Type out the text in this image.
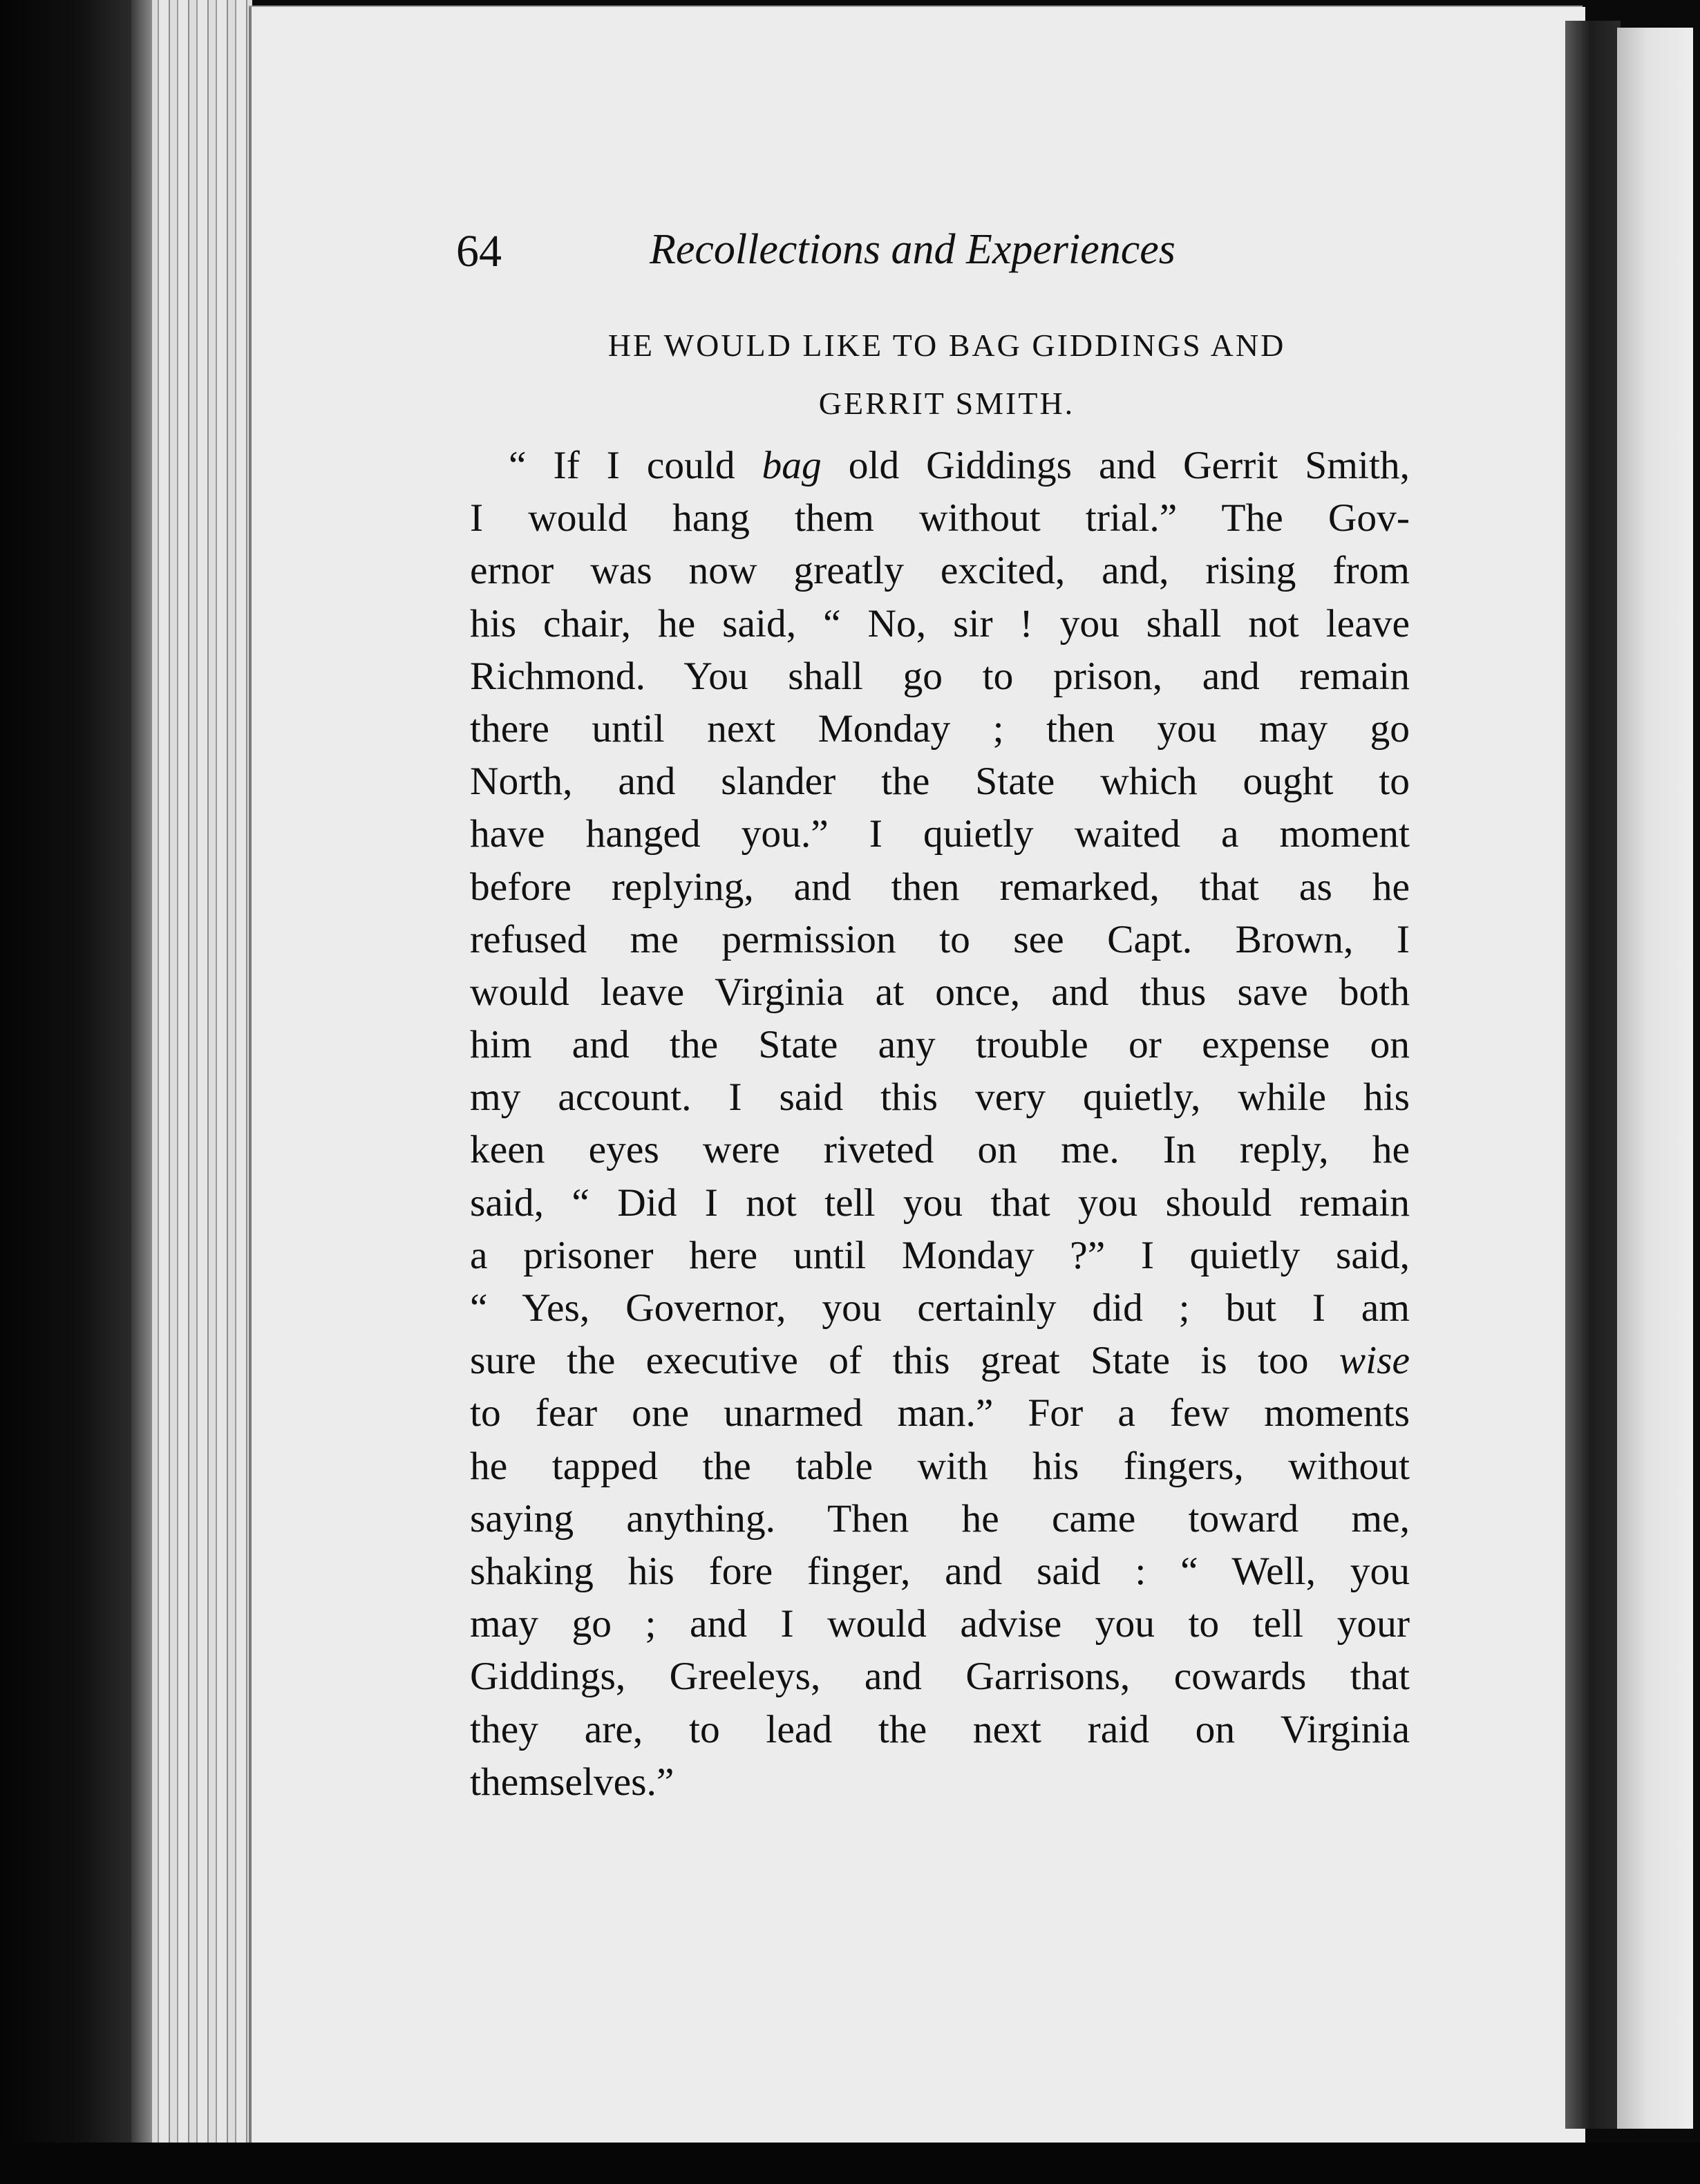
64	Recollections and Experiences
HE WOULD LIKE TO BAG GIDDINGS AND
GERRIT SMITH.
“ If I could bag old Giddings and Gerrit Smith,
I would hang them without trial.” The Gov-
ernor was now greatly excited, and, rising from
his chair, he said, “ No, sir ! you shall not leave
Richmond. You shall go to prison, and remain
there until next Monday ; then you may go
North, and slander the State which ought to
have hanged you.” I quietly waited a moment
before replying, and then remarked, that as he
refused me permission to see Capt. Brown, I
would leave Virginia at once, and thus save both
him and the State any trouble or expense on
my account. I said this very quietly, while his
keen eyes were riveted on me. In reply, he
said, “ Did I not tell you that you should remain
a prisoner here until Monday ?” I quietly said,
“ Yes, Governor, you certainly did ; but I am
sure the executive of this great State is too wise
to fear one unarmed man.” For a few moments
he tapped the table with his fingers, without
saying anything. Then he came toward me,
shaking his fore finger, and said : “ Well, you
may go ; and I would advise you to tell your
Giddings, Greeleys, and Garrisons, cowards that
they are, to lead the next raid on Virginia
themselves.”
